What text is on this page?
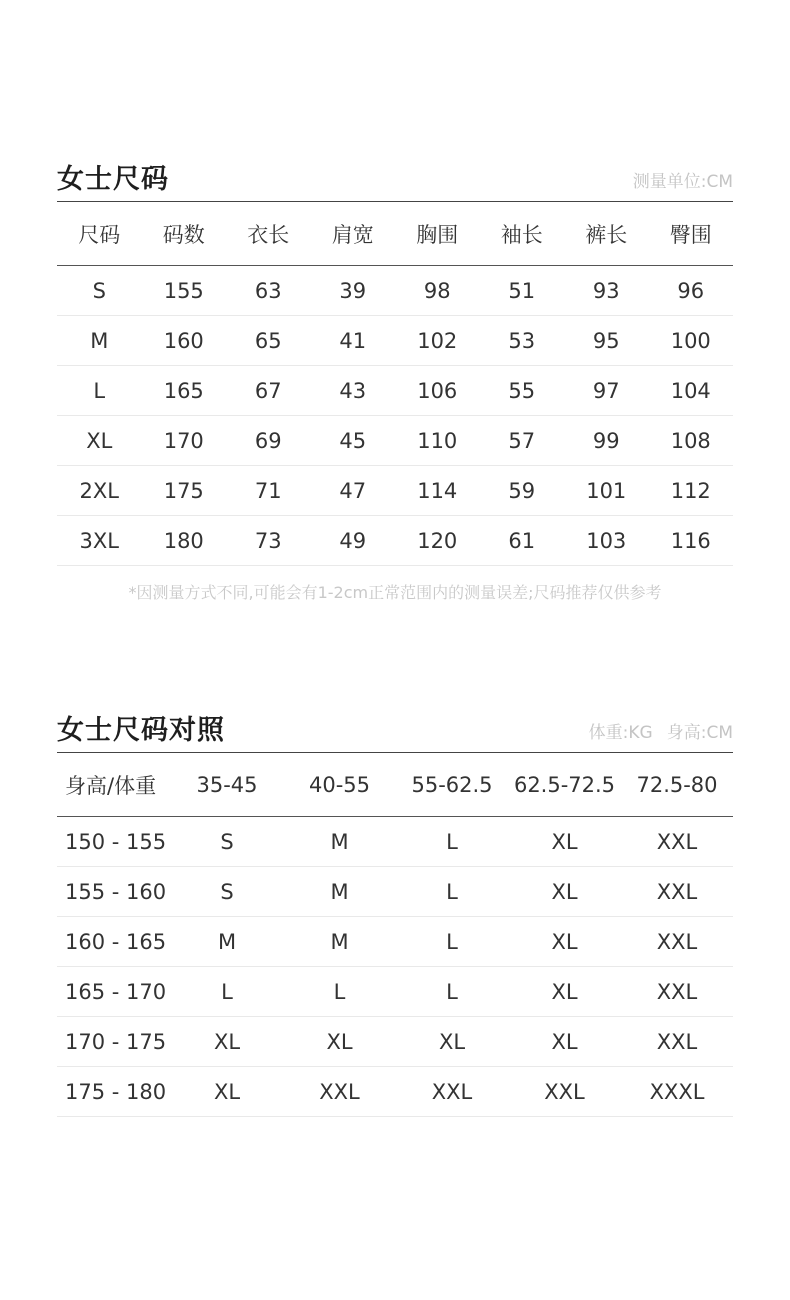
女士尺码	测量单位:CM
尺码	码数	衣长	肩宽	胸围	袖长	裤长	臀围
S	155	63	39	98	51	93	96
M	160	65	41	102	53	95	100
L	165	67	43	106	55	97	104
XL	170	69	45	110	57	99	108
2XL	175	71	47	114	59	101	112
3XL	180	73	49	120	61	103	116
*因测量方式不同,可能会有1-2cm正常范围内的测量误差;尺码推荐仅供参考
女士尺码对照	体重:KG 身高:CM
身高/体重	35-45	40-55	55-62.5	62.5-72.5	72.5-80
150 - 155	S	M	L	XL	XXL
155 - 160	S	M	L	XL	XXL
160 - 165	M	M	L	XL	XXL
165 - 170	L	L	L	XL	XXL
170 - 175	XL	XL	XL	XL	XXL
175 - 180	XL	XXL	XXL	XXL	XXXL
